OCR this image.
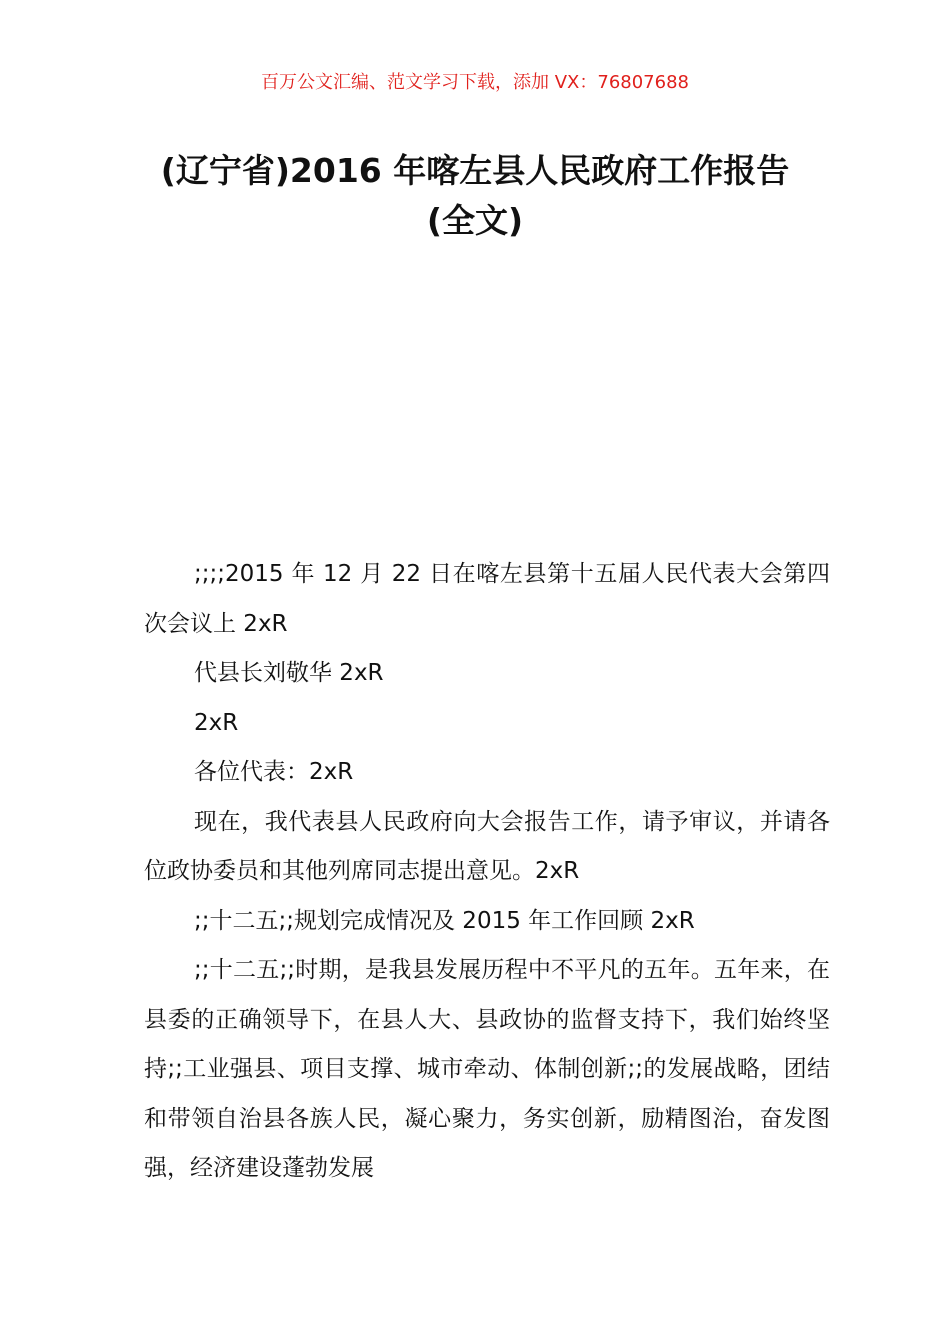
百万公文汇编、范文学习下载，添加 VX：76807688
(辽宁省)2016 年喀左县人民政府工作报告
(全文)

;;;;2015 年 12 月 22 日在喀左县第十五届人民代表大会第四次会议上 2xR

代县长刘敬华 2xR

2xR

各位代表：2xR

现在，我代表县人民政府向大会报告工作，请予审议，并请各位政协委员和其他列席同志提出意见。2xR

;;十二五;;规划完成情况及 2015 年工作回顾 2xR

;;十二五;;时期，是我县发展历程中不平凡的五年。五年来，在县委的正确领导下，在县人大、县政协的监督支持下，我们始终坚持;;工业强县、项目支撑、城市牵动、体制创新;;的发展战略，团结和带领自治县各族人民，凝心聚力，务实创新，励精图治，奋发图强，经济建设蓬勃发展
